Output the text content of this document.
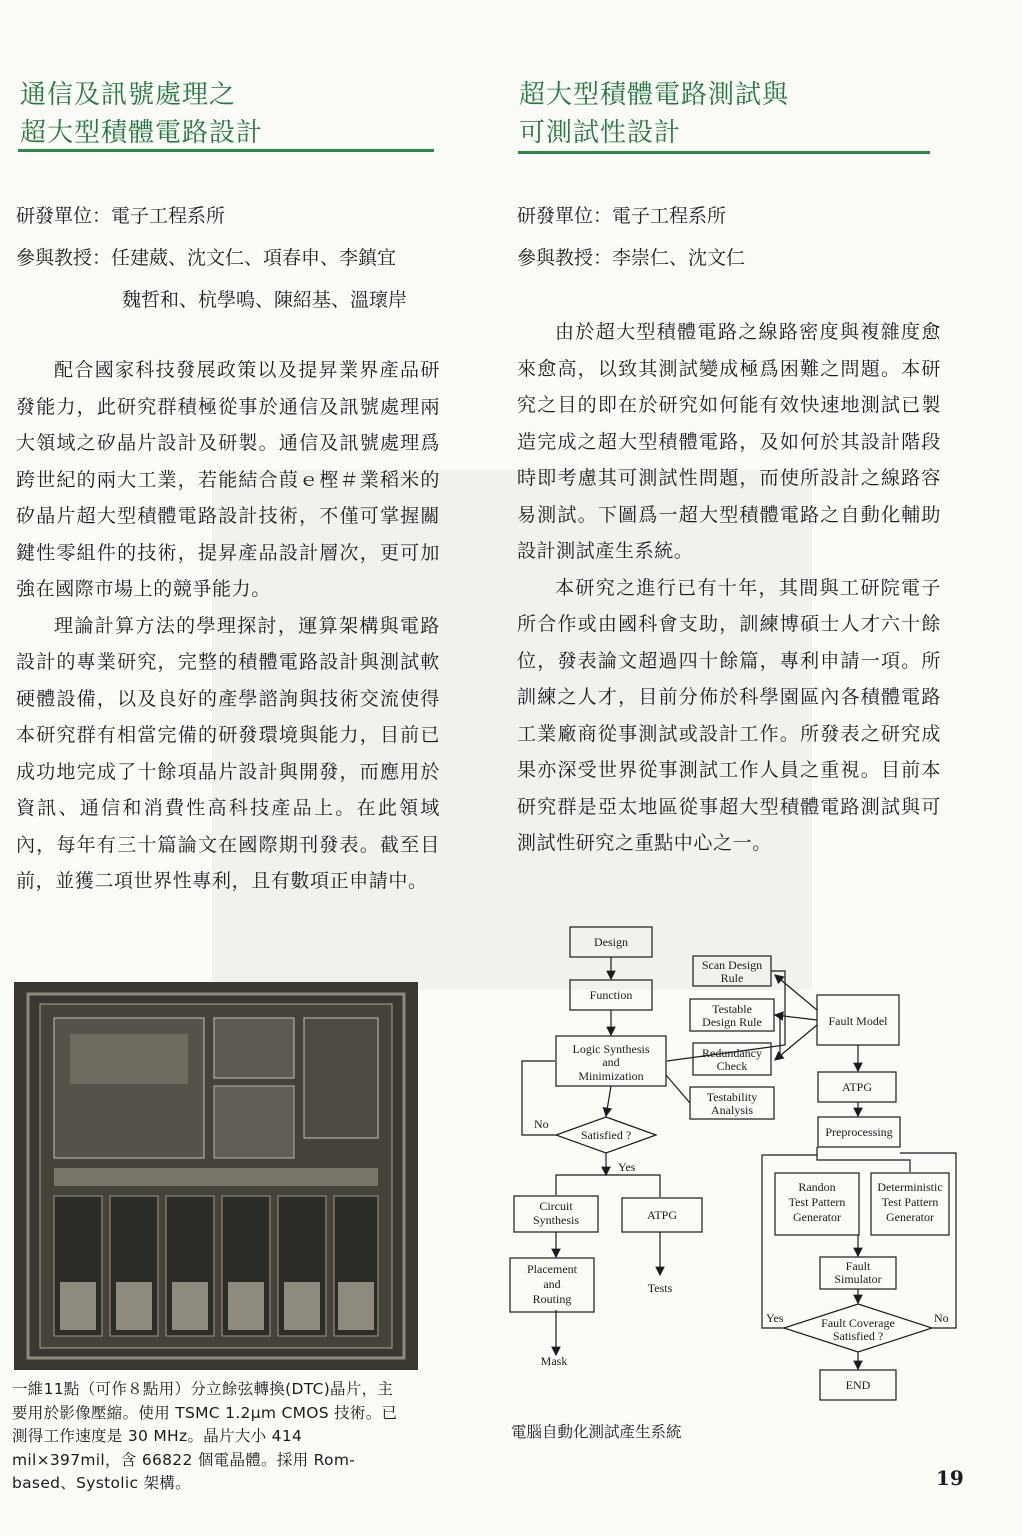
通信及訊號處理之
超大型積體電路設計
研發單位：電子工程系所
參與教授：任建葳、沈文仁、項春申、李鎮宜
魏哲和、杭學鳴、陳紹基、溫瓌岸

配合國家科技發展政策以及提昇業界產品研發能力，此研究群積極從事於通信及訊號處理兩大領域之矽晶片設計及研製。通信及訊號處理爲跨世紀的兩大工業，若能結合葭ｅ樫＃業稻米的矽晶片超大型積體電路設計技術，不僅可掌握關鍵性零組件的技術，提昇產品設計層次，更可加強在國際市場上的競爭能力。

理論計算方法的學理探討，運算架構與電路設計的專業研究，完整的積體電路設計與測試軟硬體設備，以及良好的產學諮詢與技術交流使得本研究群有相當完備的研發環境與能力，目前已成功地完成了十餘項晶片設計與開發，而應用於資訊、通信和消費性高科技產品上。在此領域內，每年有三十篇論文在國際期刊發表。截至目前，並獲二項世界性專利，且有數項正申請中。

一維11點（可作８點用）分立餘弦轉換(DTC)晶片，主要用於影像壓縮。使用 TSMC 1.2μm CMOS 技術。已測得工作速度是 30 MHz。晶片大小 414 mil×397mil，含 66822 個電晶體。採用 Rom-based、Systolic 架構。
超大型積體電路測試與
可測試性設計
研發單位：電子工程系所
參與教授：李崇仁、沈文仁

由於超大型積體電路之線路密度與複雜度愈來愈高，以致其測試變成極爲困難之問題。本研究之目的即在於研究如何能有效快速地測試已製造完成之超大型積體電路，及如何於其設計階段時即考慮其可測試性問題，而使所設計之線路容易測試。下圖爲一超大型積體電路之自動化輔助設計測試產生系統。

本研究之進行已有十年，其間與工研院電子所合作或由國科會支助，訓練博碩士人才六十餘位，發表論文超過四十餘篇，專利申請一項。所訓練之人才，目前分佈於科學園區內各積體電路工業廠商從事測試或設計工作。所發表之研究成果亦深受世界從事測試工作人員之重視。目前本研究群是亞太地區從事超大型積體電路測試與可測試性研究之重點中心之一。

Design
Function
Logic Synthesis
and
Minimization
Scan Design
Rule
Testable
Design Rule
Redundancy
Check
Testability
Analysis
Fault Model
ATPG
Preprocessing
Satisfied ?
No
Yes
Circuit
Synthesis	ATPG
Placement
and
Routing
Tests
Mask
Randon
Test Pattern
Generator
Deterministic
Test Pattern
Generator
Fault
Simulator
Fault Coverage
Satisfied ?
Yes	No
END
電腦自動化測試產生系統
19
